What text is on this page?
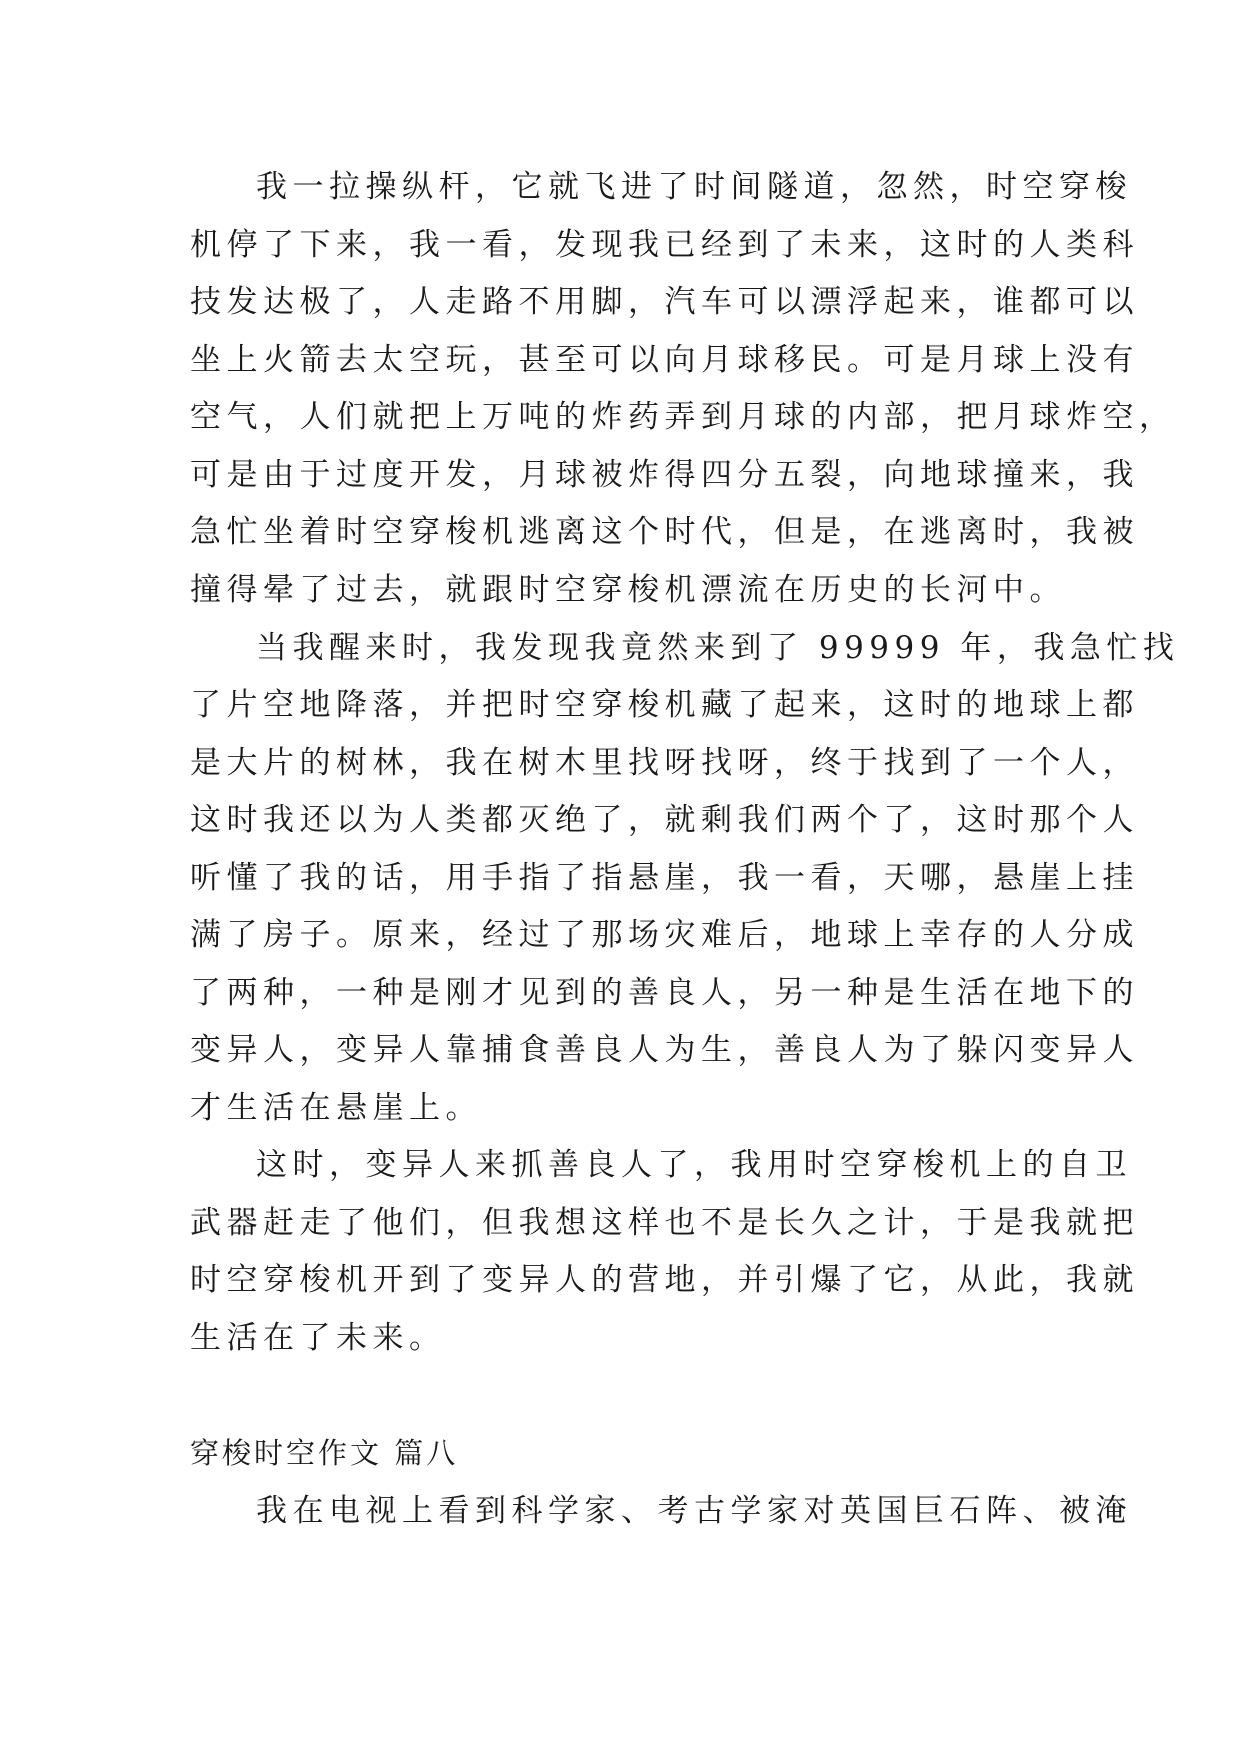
我一拉操纵杆，它就飞进了时间隧道，忽然，时空穿梭
机停了下来，我一看，发现我已经到了未来，这时的人类科
技发达极了，人走路不用脚，汽车可以漂浮起来，谁都可以
坐上火箭去太空玩，甚至可以向月球移民。可是月球上没有
空气，人们就把上万吨的炸药弄到月球的内部，把月球炸空，
可是由于过度开发，月球被炸得四分五裂，向地球撞来，我
急忙坐着时空穿梭机逃离这个时代，但是，在逃离时，我被
撞得晕了过去，就跟时空穿梭机漂流在历史的长河中。
当我醒来时，我发现我竟然来到了 99999 年，我急忙找
了片空地降落，并把时空穿梭机藏了起来，这时的地球上都
是大片的树林，我在树木里找呀找呀，终于找到了一个人，
这时我还以为人类都灭绝了，就剩我们两个了，这时那个人
听懂了我的话，用手指了指悬崖，我一看，天哪，悬崖上挂
满了房子。原来，经过了那场灾难后，地球上幸存的人分成
了两种，一种是刚才见到的善良人，另一种是生活在地下的
变异人，变异人靠捕食善良人为生，善良人为了躲闪变异人
才生活在悬崖上。
这时，变异人来抓善良人了，我用时空穿梭机上的自卫
武器赶走了他们，但我想这样也不是长久之计，于是我就把
时空穿梭机开到了变异人的营地，并引爆了它，从此，我就
生活在了未来。
穿梭时空作文 篇八
我在电视上看到科学家、考古学家对英国巨石阵、被淹
